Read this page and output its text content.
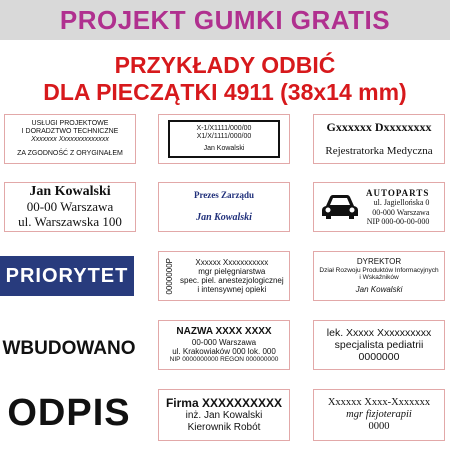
PROJEKT GUMKI GRATIS
PRZYKŁADY ODBIĆ
DLA PIECZĄTKI 4911 (38x14 mm)
USŁUGI PROJEKTOWE
I DORADZTWO TECHNICZNE
Xxxxxxx Xxxxxxxxxxxxxx
ZA ZGODNOŚĆ Z ORYGINAŁEM
X-1/X1111/000/00
X1/X/1111/000/00
Jan Kowalski
Gxxxxxx Dxxxxxxxx
Rejestratorka Medyczna
Jan Kowalski
00-00 Warszawa
ul. Warszawska 100
Prezes Zarządu
Jan Kowalski
AUTOPARTS
ul. Jagiellońska 0
00-000 Warszawa
NIP 000-00-00-000
PRIORYTET	0000000P	Xxxxxx Xxxxxxxxxxx
mgr pielęgniarstwa
spec. piel. anestezjologicznej
i intensywnej opieki
DYREKTOR
Dział Rozwoju Produktów Informacyjnych
i Wskaźników
Jan Kowalski
WBUDOWANO
NAZWA XXXX XXXX
00-000 Warszawa
ul. Krakowiaków 000 lok. 000
NIP 0000000000 REGON 000000000
lek. Xxxxx Xxxxxxxxxx
specjalista pediatrii
0000000
ODPIS	Firma XXXXXXXXXX
inż. Jan Kowalski
Kierownik Robót
Xxxxxx Xxxx-Xxxxxxx
mgr fizjoterapii
0000
